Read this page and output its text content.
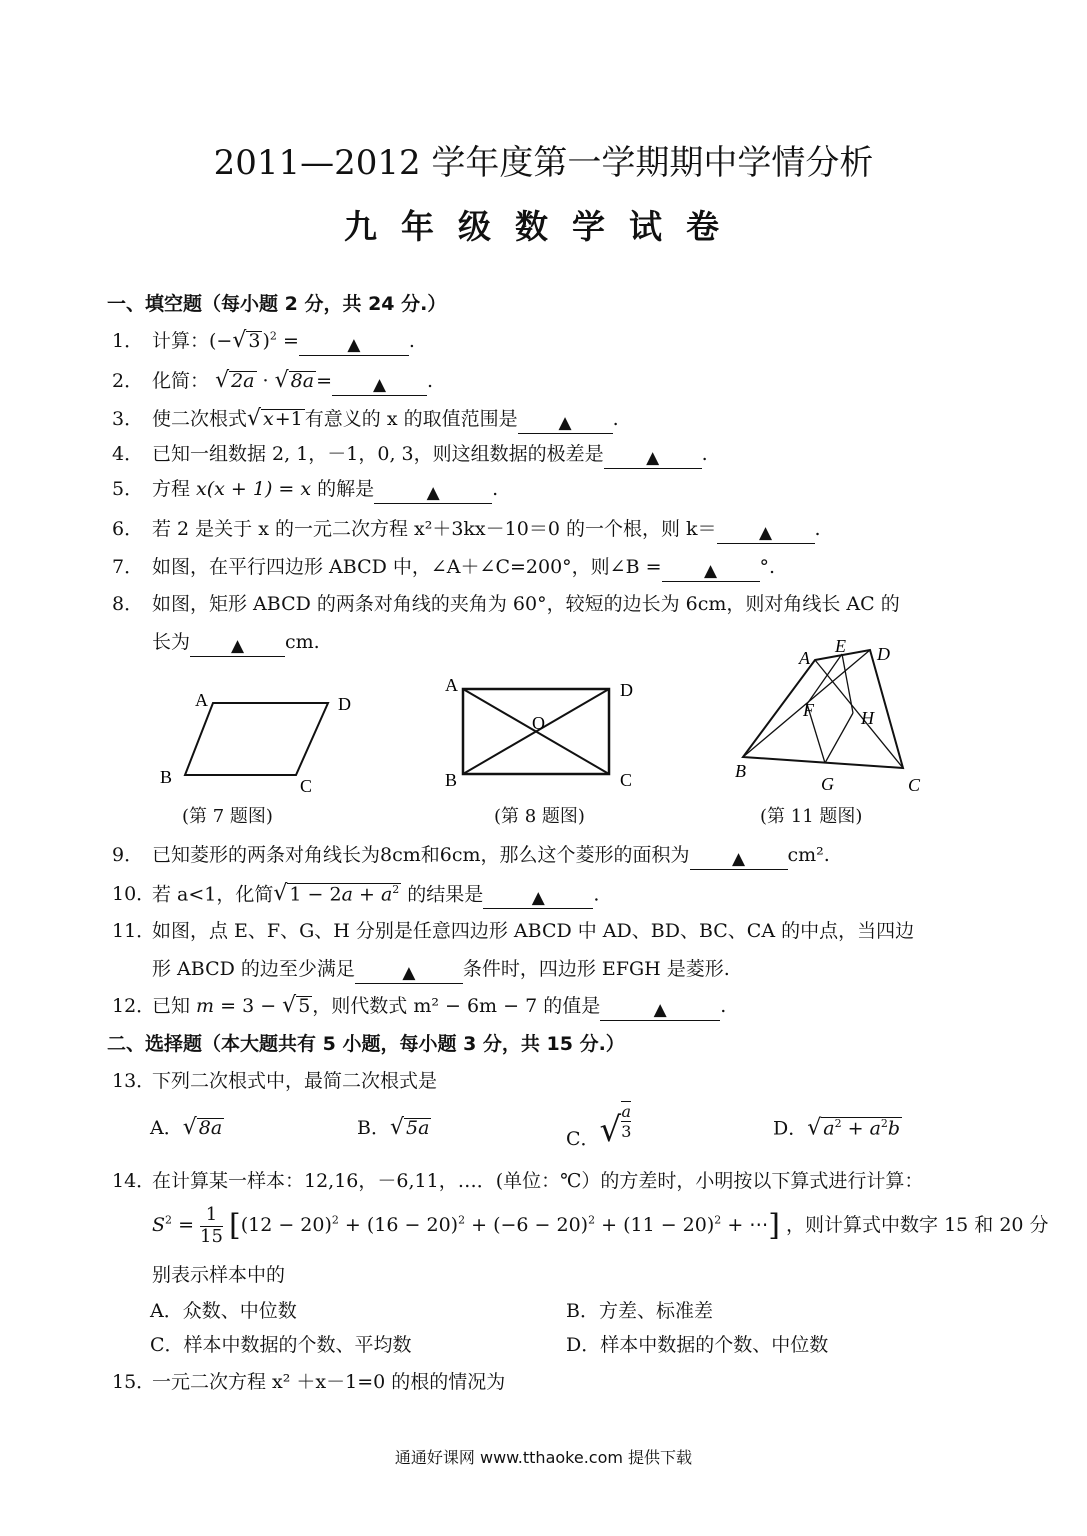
2011—2012 学年度第一学期期中学情分析
九年级数学试卷
一、填空题（每小题 2 分，共 24 分.）
1． 计算：(−√ 3 )$^2$ =	▲	.
2． 化简： √ 2a · √ 8a = ▲ .
3． 使二次根式√ x+1 有意义的 x 的取值范围是 ▲ .
4． 已知一组数据 2, 1，－1，0, 3，则这组数据的极差是 ▲ .
5． 方程 x(x + 1) = x 的解是	▲	.
6． 若 2 是关于 x 的一元二次方程 x²＋3kx－10＝0 的一个根，则 k＝ ▲ .
7． 如图，在平行四边形 ABCD 中，∠A＋∠C=200°，则∠B = ▲ °.
8． 如图，矩形 ABCD 的两条对角线的夹角为 60°，较短的边长为 6cm，则对角线长 AC 的
长为 ▲ cm.
A	D
B	C
(第 7 题图)
A	D
B	C
O
(第 8 题图)
A
E D
F	H
B
G	C
(第 11 题图)
9． 已知菱形的两条对角线长为8cm和6cm，那么这个菱形的面积为 ▲ cm².
10．若 a<1，化简√ $1 - 2a + a^2$ 的结果是	▲	.
11．如图，点 E、F、G、H 分别是任意四边形 ABCD 中 AD、BD、BC、CA 的中点，当四边
形 ABCD 的边至少满足	▲ 条件时，四边形 EFGH 是菱形.
12．已知 m = 3 − √ 5 ，则代数式 m² − 6m − 7 的值是	▲	.
二、选择题（本大题共有 5 小题，每小题 3 分，共 15 分.）
13．下列二次根式中，最简二次根式是
A．√ 8a	B．√ 5a	C．$√\frac{a}{3}$	D．√ $a^2 + a^2b$
14．在计算某一样本：12,16，－6,11，…．(单位：℃）的方差时，小明按以下算式进行计算：
$S^2 = \frac{1}{15} [(12 - 20)^2 + (16 - 20)^2 + (-6 - 20)^2 + (11 - 20)^2$ + ⋯] ，则计算式中数字 15 和 20 分
别表示样本中的
A．众数、中位数	B．方差、标准差
C．样本中数据的个数、平均数	D．样本中数据的个数、中位数
15．一元二次方程 x² ＋x－1=0 的根的情况为
通通好课网 www.tthaoke.com 提供下载
